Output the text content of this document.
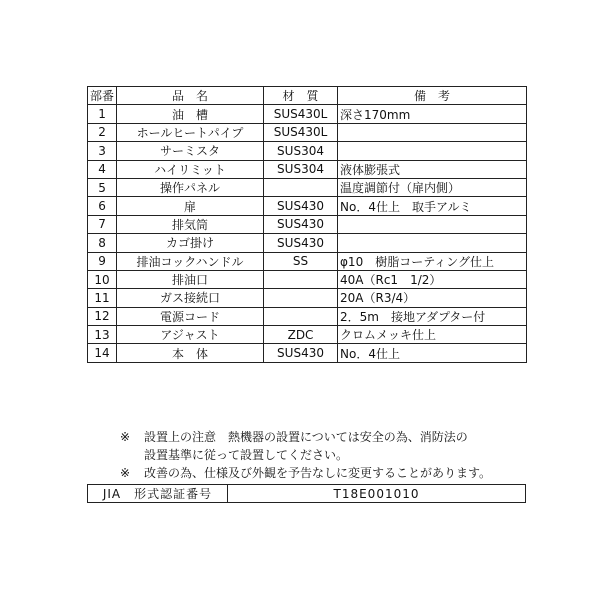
部番	品　名	材　質	備　考
1	油　槽	SUS430L	深さ170mm
2	ホールヒートパイプ	SUS430L	
3	サーミスタ	SUS304	
4	ハイリミット	SUS304	液体膨張式
5	操作パネル		温度調節付（扉内側）
6	扉	SUS430	No．4仕上　取手アルミ
7	排気筒	SUS430	
8	カゴ掛け	SUS430	
9	排油コックハンドル	SS	φ10　樹脂コーティング仕上
10	排油口		40A（Rc1　1/2）
11	ガス接続口		20A（R3/4）
12	電源コード		2．5m　接地アダプター付
13	アジャスト	ZDC	クロムメッキ仕上
14	本　体	SUS430	No．4仕上
※	設置上の注意 熱機器の設置については安全の為、消防法の
設置基準に従って設置してください。
※	改善の為、仕様及び外観を予告なしに変更することがあります。
JIA　形式認証番号	T18E001010
